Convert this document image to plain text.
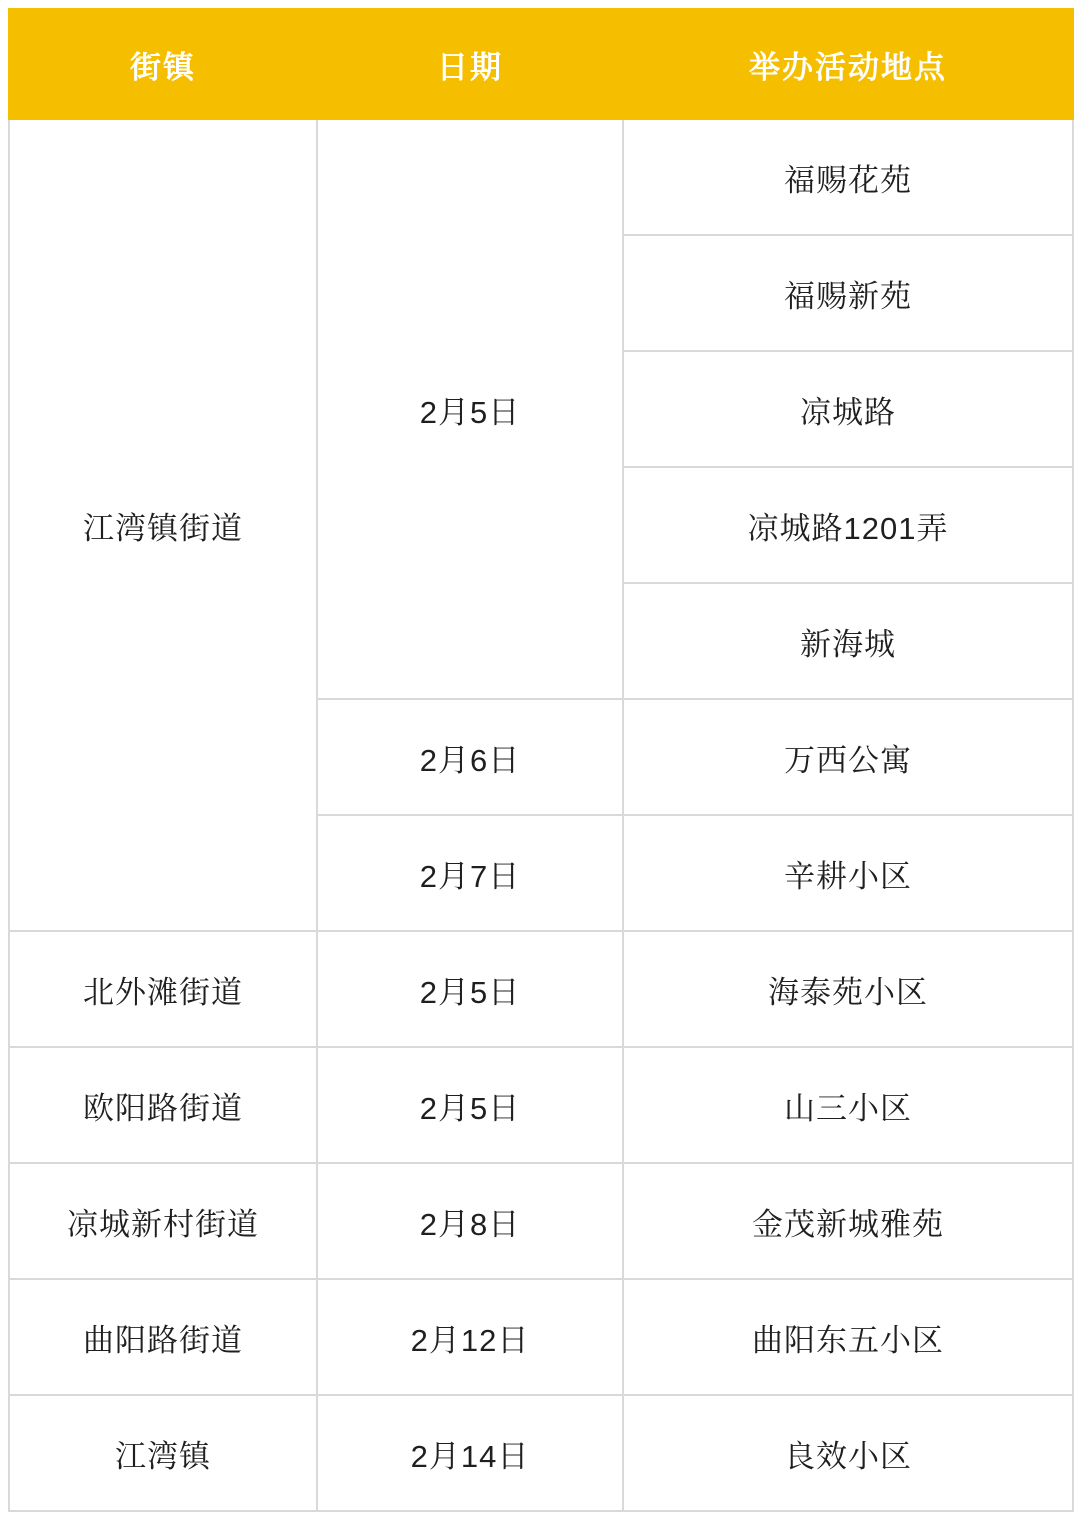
街镇	日期	举办活动地点
江湾镇街道	2月5日	福赐花苑
		福赐新苑
		凉城路
		凉城路1201弄
		新海城
	2月6日	万西公寓
	2月7日	辛耕小区
北外滩街道	2月5日	海泰苑小区
欧阳路街道	2月5日	山三小区
凉城新村街道	2月8日	金茂新城雅苑
曲阳路街道	2月12日	曲阳东五小区
江湾镇	2月14日	良效小区
